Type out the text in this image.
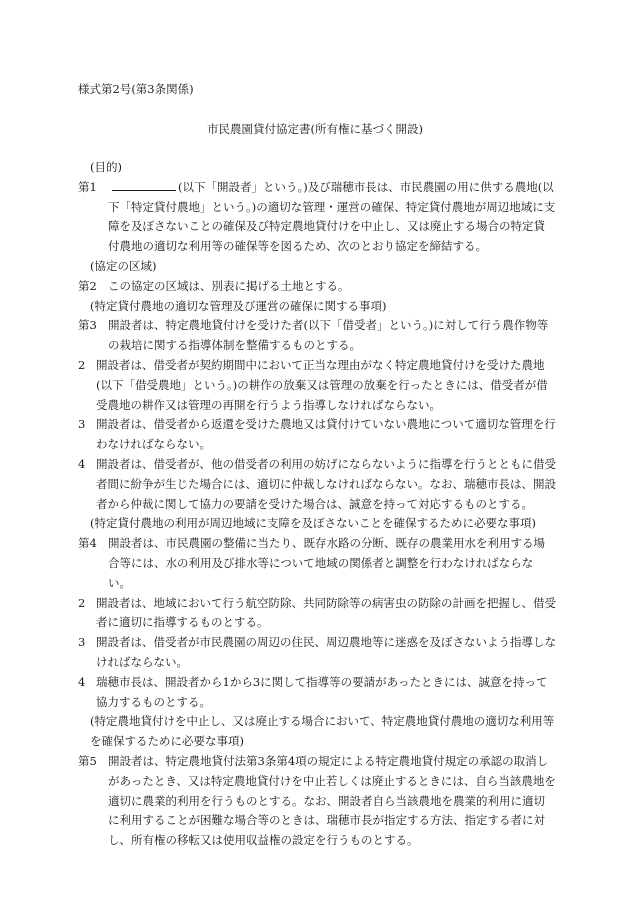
様式第2号(第3条関係)
市民農園貸付協定書(所有権に基づく開設)
(目的)
第1	(以下「開設者」という。)及び瑞穂市長は、市民農園の用に供する農地(以下「特定貸付農地」という。)の適切な管理・運営の確保、特定貸付農地が周辺地域に支障を及ぼさないことの確保及び特定農地貸付けを中止し、又は廃止する場合の特定貸付農地の適切な利用等の確保等を図るため、次のとおり協定を締結する。
(協定の区域)
第2 この協定の区域は、別表に掲げる土地とする。
(特定貸付農地の適切な管理及び運営の確保に関する事項)
第3 開設者は、特定農地貸付けを受けた者(以下「借受者」という。)に対して行う農作物等の栽培に関する指導体制を整備するものとする。
2 開設者は、借受者が契約期間中において正当な理由がなく特定農地貸付けを受けた農地(以下「借受農地」という。)の耕作の放棄又は管理の放棄を行ったときには、借受者が借受農地の耕作又は管理の再開を行うよう指導しなければならない。
3 開設者は、借受者から返還を受けた農地又は貸付けていない農地について適切な管理を行わなければならない。
4 開設者は、借受者が、他の借受者の利用の妨げにならないように指導を行うとともに借受者間に紛争が生じた場合には、適切に仲裁しなければならない。なお、瑞穂市長は、開設者から仲裁に関して協力の要請を受けた場合は、誠意を持って対応するものとする。
(特定貸付農地の利用が周辺地域に支障を及ぼさないことを確保するために必要な事項)
第4 開設者は、市民農園の整備に当たり、既存水路の分断、既存の農業用水を利用する場合等には、水の利用及び排水等について地域の関係者と調整を行わなければならない。
2 開設者は、地域において行う航空防除、共同防除等の病害虫の防除の計画を把握し、借受者に適切に指導するものとする。
3 開設者は、借受者が市民農園の周辺の住民、周辺農地等に迷惑を及ぼさないよう指導しなければならない。
4 瑞穂市長は、開設者から1から3に関して指導等の要請があったときには、誠意を持って協力するものとする。
(特定農地貸付けを中止し、又は廃止する場合において、特定農地貸付農地の適切な利用等を確保するために必要な事項)
第5 開設者は、特定農地貸付法第3条第4項の規定による特定農地貸付規定の承認の取消しがあったとき、又は特定農地貸付けを中止若しくは廃止するときには、自ら当該農地を適切に農業的利用を行うものとする。なお、開設者自ら当該農地を農業的利用に適切に利用することが困難な場合等のときは、瑞穂市長が指定する方法、指定する者に対し、所有権の移転又は使用収益権の設定を行うものとする。
